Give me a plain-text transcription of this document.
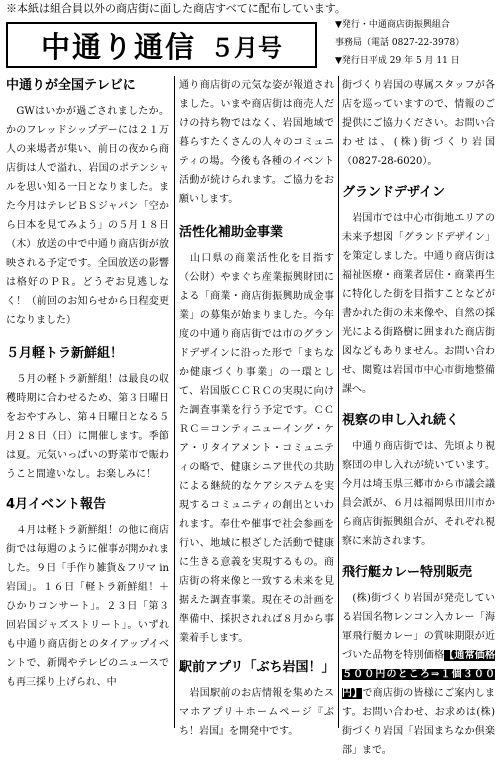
※本紙は組合員以外の商店街に面した商店すべてに配布しています。
中通り通信 ５月号
▼発行・中通商店街振興組合
事務局（電話 0827-22-3978）
▼発行日平成 29 年 5 月 11 日
中通りが全国テレビに

　GWはいかが過ごされましたか。かのフレッドシップデーには２１万人の来場者が集い、前日の夜から商店街は人で溢れ、岩国のポテンシャルを思い知る一日となりました。また今月はテレビＢＳジャパン「空から日本を見てみよう」の５月１８日（木）放送の中で中通り商店街が放映される予定です。全国放送の影響は格好のＰＲ。どうぞお見逃しなく！（前回のお知らせから日程変更になりました）

５月軽トラ新鮮組！

　５月の軽トラ新鮮組！は最良の収穫時期に合わせるため、第３日曜日をおやすみし、第４日曜日となる５月２８日（日）に開催します。季節は夏。元気いっぱいの野菜市で賑わうこと間違いなし。お楽しみに！

4月イベント報告

　４月は軽トラ新鮮組！の他に商店街では毎週のように催事が開かれました。９日「手作り雑貨＆フリマ in 岩国」。１６日「軽トラ新鮮組！＋ひかりコンサート」。２３日「第３回岩国ジャズストリート」。いずれも中通り商店街とのタイアップイベントで、新聞やテレビのニュースでも再三採り上げられ、中

通り商店街の元気な姿が報道されました。いまや商店街は商売人だけの持ち物ではなく、岩国地域で暮らすたくさんの人々のコミュニティの場。今後も各種のイベント活動が続けられます。ご協力をお願いします。

活性化補助金事業

　山口県の商業活性化を目指す（公財）やまぐち産業振興財団による「商業・商店街振興助成金事業」の募集が始まりました。今年度の中通り商店街では市のグランドデザインに沿った形で「まちなか健康づくり事業」の一環として、岩国版ＣＣＲＣの実現に向けた調査事業を行う予定です。ＣＣＲＣ＝コンティニューイング・ケア・リタイアメント・コミュニティの略で、健康シニア世代の共助による継続的なケアシステムを実現するコミュニティの創出といわれます。奉仕や催事で社会参画を行い、地域に根ざした活動で健康に生きる意義を実現するもの。商店街の将来像と一致する未来を見据えた調査事業。現在その計画を準備中、採択されれば８月から事業着手します。

駅前アプリ「ぶち岩国！」

　岩国駅前のお店情報を集めたスマホアプリ＋ホームページ『ぶち！岩国』を開発中です。

街づくり岩国の専属スタッフが各店を巡っていますので、情報のご提供にご協力ください。お問い合わせは、(株)街づくり岩国（0827-28-6020）。

グランドデザイン

　岩国市では中心市街地エリアの未来予想図「グランドデザイン」を策定しました。中通り商店街は福祉医療・商業者居住・商業再生に特化した街を目指すことなどが書かれた街の未来像や、自然の採光による街路樹に囲まれた商店街図などもありません。お問い合わせ、閲覧は岩国市中心市街地整備課へ。

視察の申し入れ続く

　中通り商店街では、先頃より視察団の申し入れが続いています。今月は埼玉県三郷市から市議会議員会派が、６月は福岡県田川市から商店街振興組合が、それぞれ視察に来訪されます。

飛行艇カレー特別販売

　(株)街づくり岩国が発売している岩国名物レンコン入カレー「海軍飛行艇カレー」の賞味期限が近づいた品物を特別価格【通常価格５００円のところ⇒１個３００円】で商店街の皆様にご案内します。お問い合わせ、お求めは(株)街づくり岩国「岩国まちなか倶楽部」まで。
